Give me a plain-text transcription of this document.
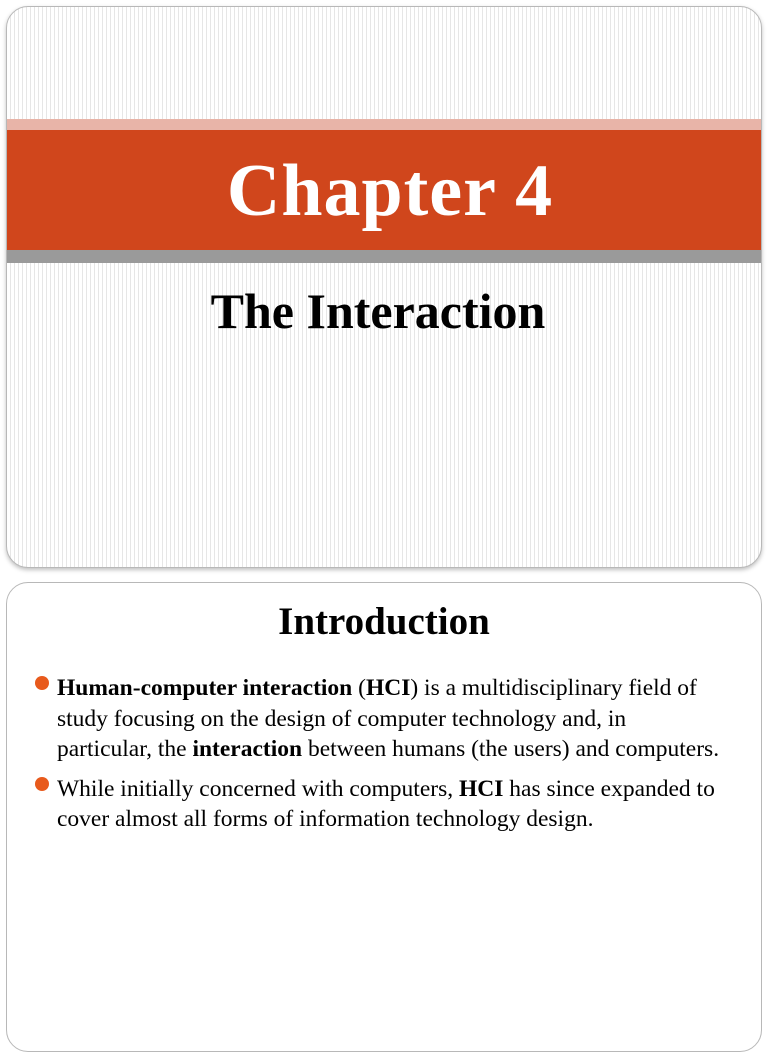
Chapter 4
The Interaction
Introduction
Human-computer interaction (HCI) is a multidisciplinary field of study focusing on the design of computer technology and, in particular, the interaction between humans (the users) and computers.
While initially concerned with computers, HCI has since expanded to cover almost all forms of information technology design.
